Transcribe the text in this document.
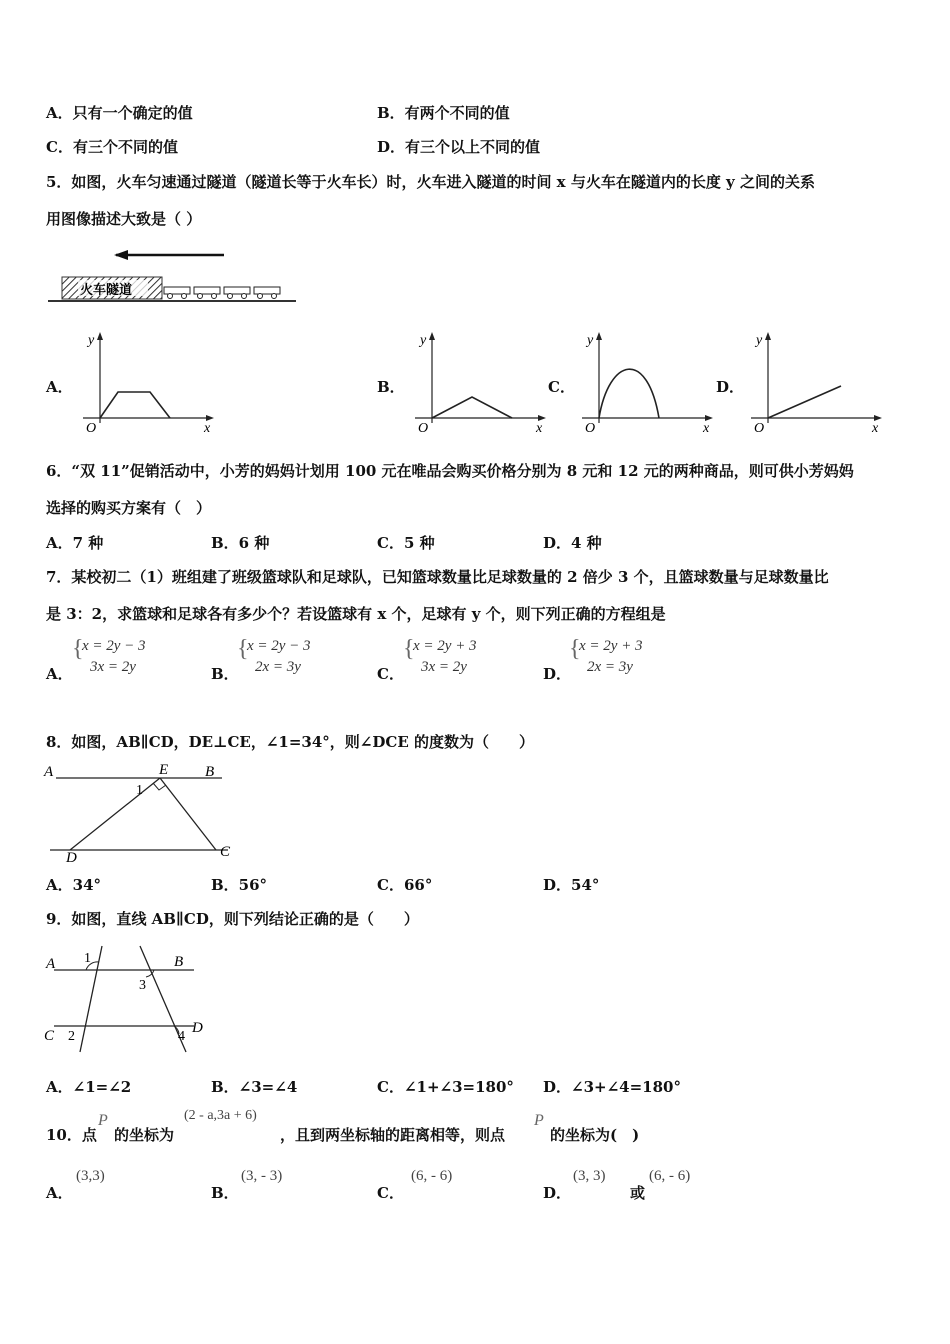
A．只有一个确定的值	B．有两个不同的值
C．有三个不同的值	D．有三个以上不同的值
5．如图，火车匀速通过隧道（隧道长等于火车长）时，火车进入隧道的时间 x 与火车在隧道内的长度 y 之间的关系
用图像描述大致是（ ）
火车隧道
A．	B．	C．	D．
y
x
O
y
x
O
y
x
O
y
x
O
6．“双 11”促销活动中，小芳的妈妈计划用 100 元在唯品会购买价格分别为 8 元和 12 元的两种商品，则可供小芳妈妈
选择的购买方案有（　）
A．7 种	B．6 种	C．5 种	D．4 种
7．某校初二（1）班组建了班级篮球队和足球队，已知篮球数量比足球数量的 2 倍少 3 个，且篮球数量与足球数量比
是 3：2，求篮球和足球各有多少个？若设篮球有 x 个，足球有 y 个，则下列正确的方程组是
A．	B．	C．	D．
{
x = 2y − 3
3x = 2y
{
x = 2y − 3
2x = 3y
{
x = 2y + 3
3x = 2y
{
x = 2y + 3
2x = 3y
8．如图，AB∥CD，DE⊥CE，∠1=34°，则∠DCE 的度数为（　　）
A	E B
1
D	C
A．34°	B．56°	C．66°	D．54°
9．如图，直线 AB∥CD，则下列结论正确的是（　　）
A 1	B
3
C 2	4
D
A．∠1=∠2	B．∠3=∠4	C．∠1+∠3=180° D．∠3+∠4=180°
10．点
P
的坐标为
(2 - a,3a + 6)
，且到两坐标轴的距离相等，则点
P
的坐标为(　)
A．
(3,3)
B．
(3, - 3)
C．
(6, - 6)
D．
(3, 3)
或
(6, - 6)
